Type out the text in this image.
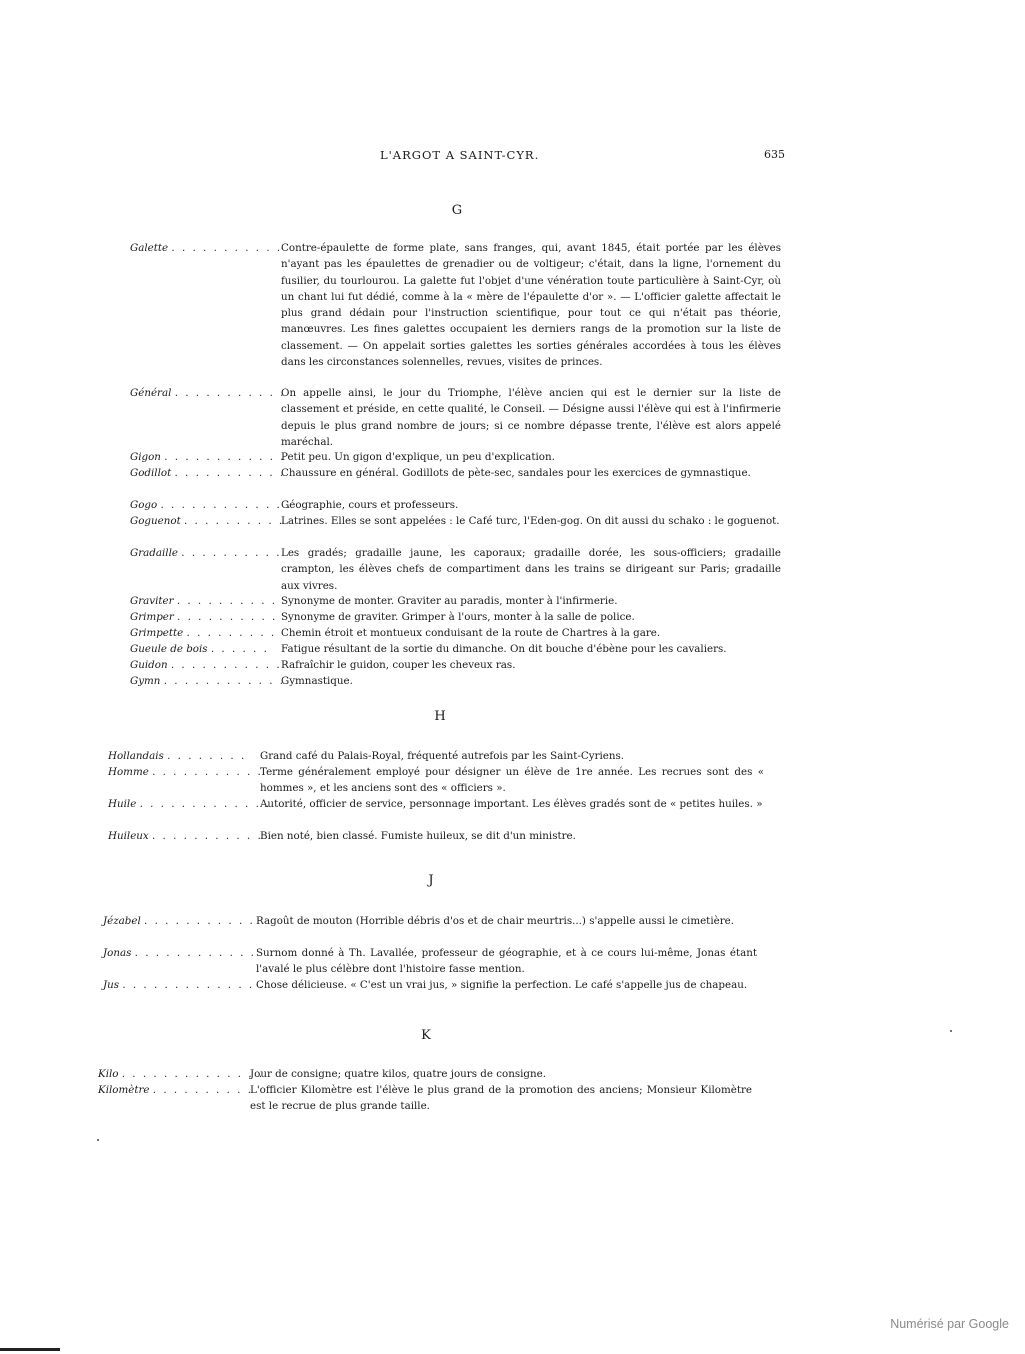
L'ARGOT A SAINT-CYR.	635
G
H
J
K
Galette . . . . . . . . . . .
Contre-épaulette de forme plate, sans franges, qui, avant 1845, était portée par les élèves n'ayant pas les épaulettes de grenadier ou de voltigeur; c'était, dans la ligne, l'ornement du fusilier, du tourlourou. La galette fut l'objet d'une vénération toute particulière à Saint-Cyr, où un chant lui fut dédié, comme à la « mère de l'épaulette d'or ». — L'officier galette affectait le plus grand dédain pour l'instruction scientifique, pour tout ce qui n'était pas théorie, manœuvres. Les fines galettes occupaient les derniers rangs de la promotion sur la liste de classement. — On appelait sorties galettes les sorties générales accordées à tous les élèves dans les circonstances solennelles, revues, visites de princes.
Général . . . . . . . . . . .
On appelle ainsi, le jour du Triomphe, l'élève ancien qui est le dernier sur la liste de classement et préside, en cette qualité, le Conseil. — Désigne aussi l'élève qui est à l'infirmerie depuis le plus grand nombre de jours; si ce nombre dépasse trente, l'élève est alors appelé maréchal.
Gigon . . . . . . . . . . . .
Petit peu. Un gigon d'explique, un peu d'explication.
Godillot . . . . . . . . . . .
Chaussure en général. Godillots de pète-sec, sandales pour les exercices de gymnastique.
Gogo . . . . . . . . . . . . .
Géographie, cours et professeurs.
Goguenot . . . . . . . . . .
Latrines. Elles se sont appelées : le Café turc, l'Eden-gog. On dit aussi du schako : le goguenot.
Gradaille . . . . . . . . . . Les gradés; gradaille jaune, les caporaux; gradaille dorée, les sous-officiers; gradaille crampton, les élèves chefs de compartiment dans les trains se dirigeant sur Paris; gradaille aux vivres.
Graviter . . . . . . . . . . Synonyme de monter. Graviter au paradis, monter à l'infirmerie.
Grimper . . . . . . . . . . Synonyme de graviter. Grimper à l'ours, monter à la salle de police.
Grimpette . . . . . . . . . Chemin étroit et montueux conduisant de la route de Chartres à la gare.
Gueule de bois . . . . . .	Fatigue résultant de la sortie du dimanche. On dit bouche d'ébène pour les cavaliers.
Guidon . . . . . . . . . . . Rafraîchir le guidon, couper les cheveux ras.
Gymn . . . . . . . . . . . .
Gymnastique.
Hollandais . . . . . . . .	Grand café du Palais-Royal, fréquenté autrefois par les Saint-Cyriens.
Homme . . . . . . . . . . .
Terme généralement employé pour désigner un élève de 1re année. Les recrues sont des « hommes », et les anciens sont des « officiers ».
Huile . . . . . . . . . . . . .
Autorité, officier de service, personnage important. Les élèves gradés sont de « petites huiles. »
Huileux . . . . . . . . . . .
Bien noté, bien classé. Fumiste huileux, se dit d'un ministre.
Jézabel . . . . . . . . . . . Ragoût de mouton (Horrible débris d'os et de chair meurtris...) s'appelle aussi le cimetière.
Jonas . . . . . . . . . . . . Surnom donné à Th. Lavallée, professeur de géographie, et à ce cours lui-même, Jonas étant l'avalé le plus célèbre dont l'histoire fasse mention.
Jus . . . . . . . . . . . . . .
Chose délicieuse. « C'est un vrai jus, » signifie la perfection. Le café s'appelle jus de chapeau.
Kilo . . . . . . . . . . . . . .
Jour de consigne; quatre kilos, quatre jours de consigne.
Kilomètre . . . . . . . . . .
L'officier Kilomètre est l'élève le plus grand de la promotion des anciens; Monsieur Kilomètre est le recrue de plus grande taille.
Numérisé par Google
